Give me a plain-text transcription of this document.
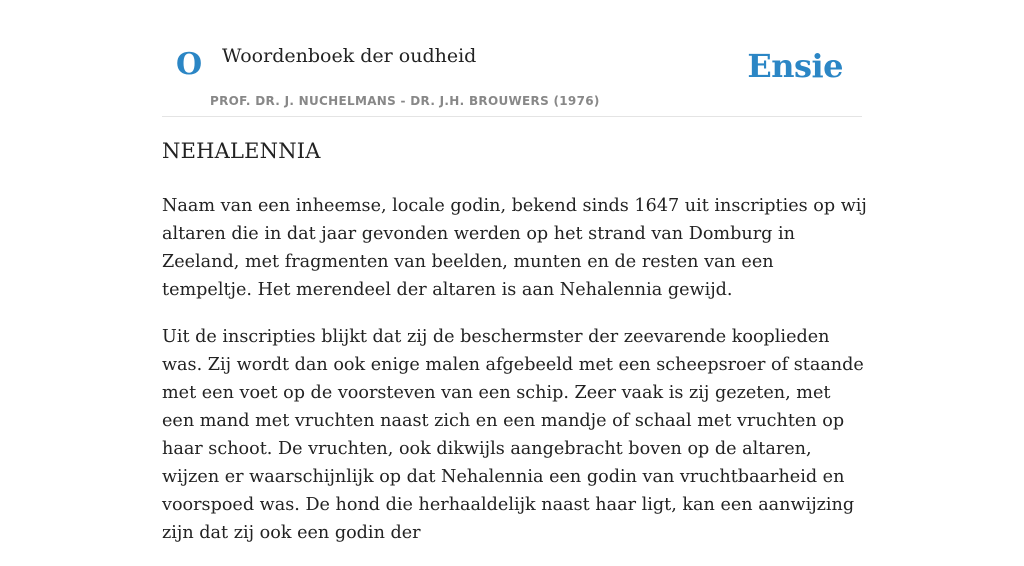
O Woordenboek der oudheid
PROF. DR. J. NUCHELMANS - DR. J.H. BROUWERS (1976)
Ensie
NEHALENNIA

Naam van een inheemse, locale godin, bekend sinds 1647 uit inscripties op wij altaren die in dat jaar gevonden werden op het strand van Domburg in Zeeland, met fragmenten van beelden, munten en de resten van een tempeltje. Het merendeel der altaren is aan Nehalennia gewijd.

Uit de inscripties blijkt dat zij de beschermster der zeevarende kooplieden was. Zij wordt dan ook enige malen afgebeeld met een scheepsroer of staande met een voet op de voorsteven van een schip. Zeer vaak is zij gezeten, met een mand met vruchten naast zich en een mandje of schaal met vruchten op haar schoot. De vruchten, ook dikwijls aangebracht boven op de altaren, wijzen er waarschijnlijk op dat Nehalennia een godin van vruchtbaarheid en voorspoed was. De hond die herhaaldelijk naast haar ligt, kan een aanwijzing zijn dat zij ook een godin der
